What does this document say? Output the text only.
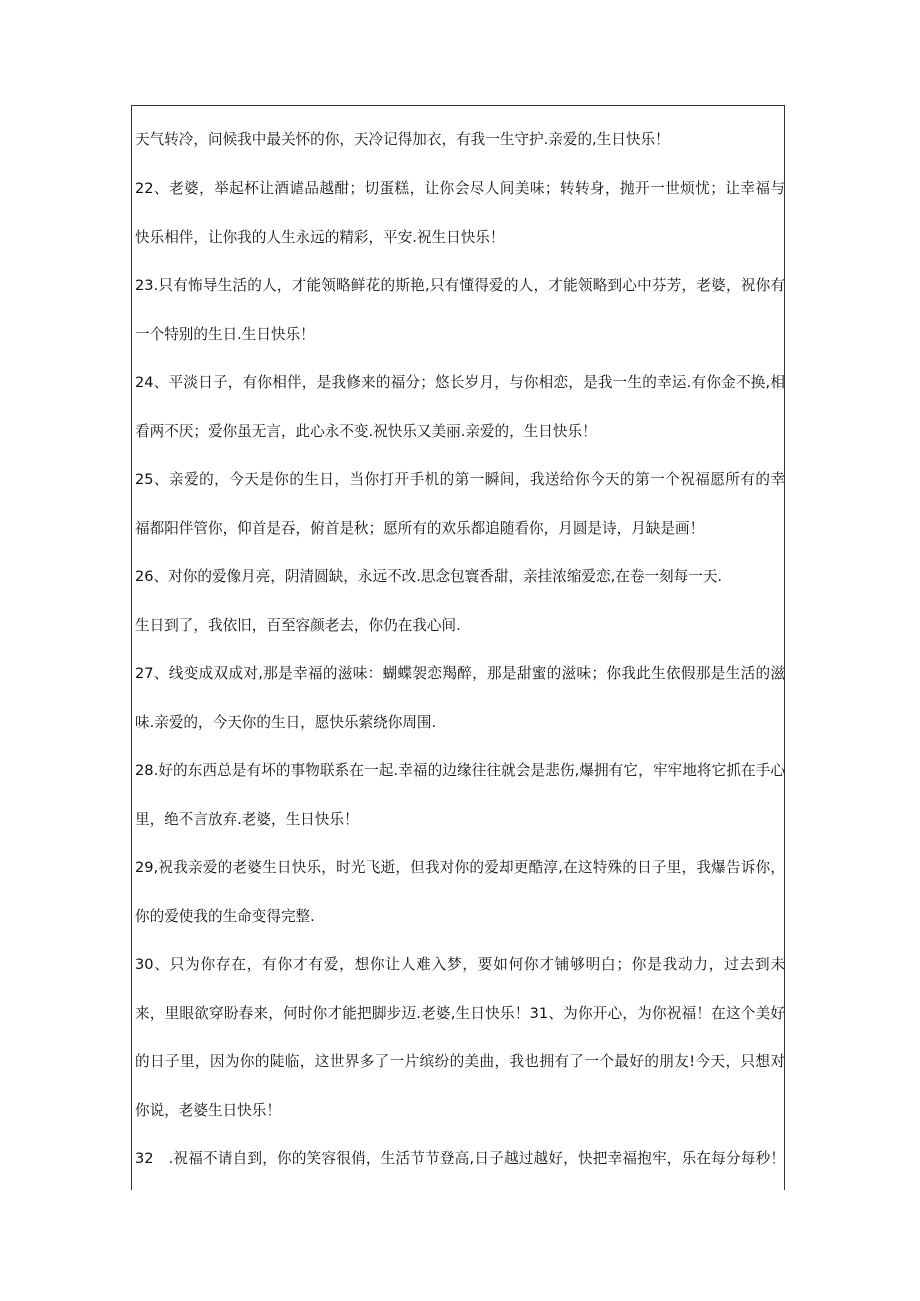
天气转冷，问候我中最关怀的你，天冷记得加衣，有我一生守护.亲爱的,生日快乐！
22、老婆，举起杯让酒谑品越酣；切蛋糕，让你会尽人间美味；转转身，抛开一世烦忧；让幸福与
快乐相伴，让你我的人生永远的精彩，平安.祝生日快乐！
23.只有怖导生活的人，才能领略鲜花的斯艳,只有懂得爱的人，才能领略到心中芬芳，老婆，祝你有
一个特别的生日.生日快乐！
24、平淡日子，有你相伴，是我修来的福分；悠长岁月，与你相恋，是我一生的幸运.有你金不换,相
看两不厌；爱你虽无言，此心永不变.祝快乐又美丽.亲爱的，生日快乐！
25、亲爱的，今天是你的生日，当你打开手机的第一瞬间，我送给你今天的第一个祝福愿所有的幸
福都阳伴管你，仰首是吞，俯首是秋；愿所有的欢乐都追随看你，月圆是诗，月缺是画！
26、对你的爱像月亮，阴清圆缺，永远不改.思念包寰香甜，亲挂浓缩爱恋,在卷一刻每一天.
生日到了，我依旧，百至容颜老去，你仍在我心间.
27、线变成双成对,那是幸福的滋味：蝴蝶袈恋羯醉，那是甜蜜的滋味；你我此生依假那是生活的滋
味.亲爱的，今天你的生日，愿快乐萦绕你周围.
28.好的东西总是有坏的事物联系在一起.幸福的边缘往往就会是悲伤,爆拥有它，牢牢地将它抓在手心
里，绝不言放弃.老婆，生日快乐！
29,祝我亲爱的老婆生日快乐，时光飞逝，但我对你的爱却更酷淳,在这特殊的日子里，我爆告诉你，
你的爱使我的生命变得完整.
30、只为你存在，有你才有爱，想你让人难入梦，要如何你才铺够明白；你是我动力，过去到未
来，里眼欲穿盼春来，何时你才能把脚步迈.老婆,生日快乐！31、为你开心，为你祝福！在这个美好
的日子里，因为你的陡临，这世界多了一片缤纷的美曲，我也拥有了一个最好的朋友!今天，只想对
你说，老婆生日快乐！
32　.祝福不请自到，你的笑容很俏，生活节节登高,日子越过越好，快把幸福抱牢，乐在每分每秒！
